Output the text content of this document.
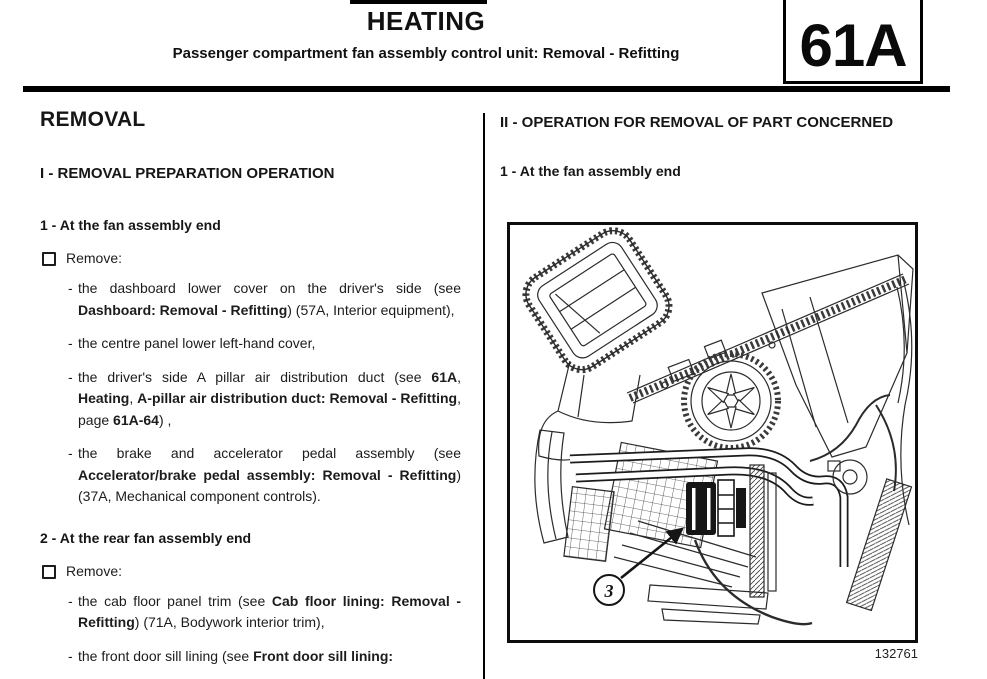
HEATING
Passenger compartment fan assembly control unit: Removal - Refitting	61A
REMOVAL
I - REMOVAL PREPARATION OPERATION
1 - At the fan assembly end
Remove:
- the dashboard lower cover on the driver's side (see Dashboard: Removal - Refitting) (57A, Interior equipment),
- the centre panel lower left-hand cover,
- the driver's side A pillar air distribution duct (see 61A, Heating, A-pillar air distribution duct: Removal - Refitting, page 61A-64) ,
- the brake and accelerator pedal assembly (see Accelerator/brake pedal assembly: Removal - Refitting) (37A, Mechanical component controls).
2 - At the rear fan assembly end
Remove:
- the cab floor panel trim (see Cab floor lining: Removal - Refitting) (71A, Bodywork interior trim),
- the front door sill lining (see Front door sill lining:
II - OPERATION FOR REMOVAL OF PART CONCERNED
1 - At the fan assembly end
3
132761
